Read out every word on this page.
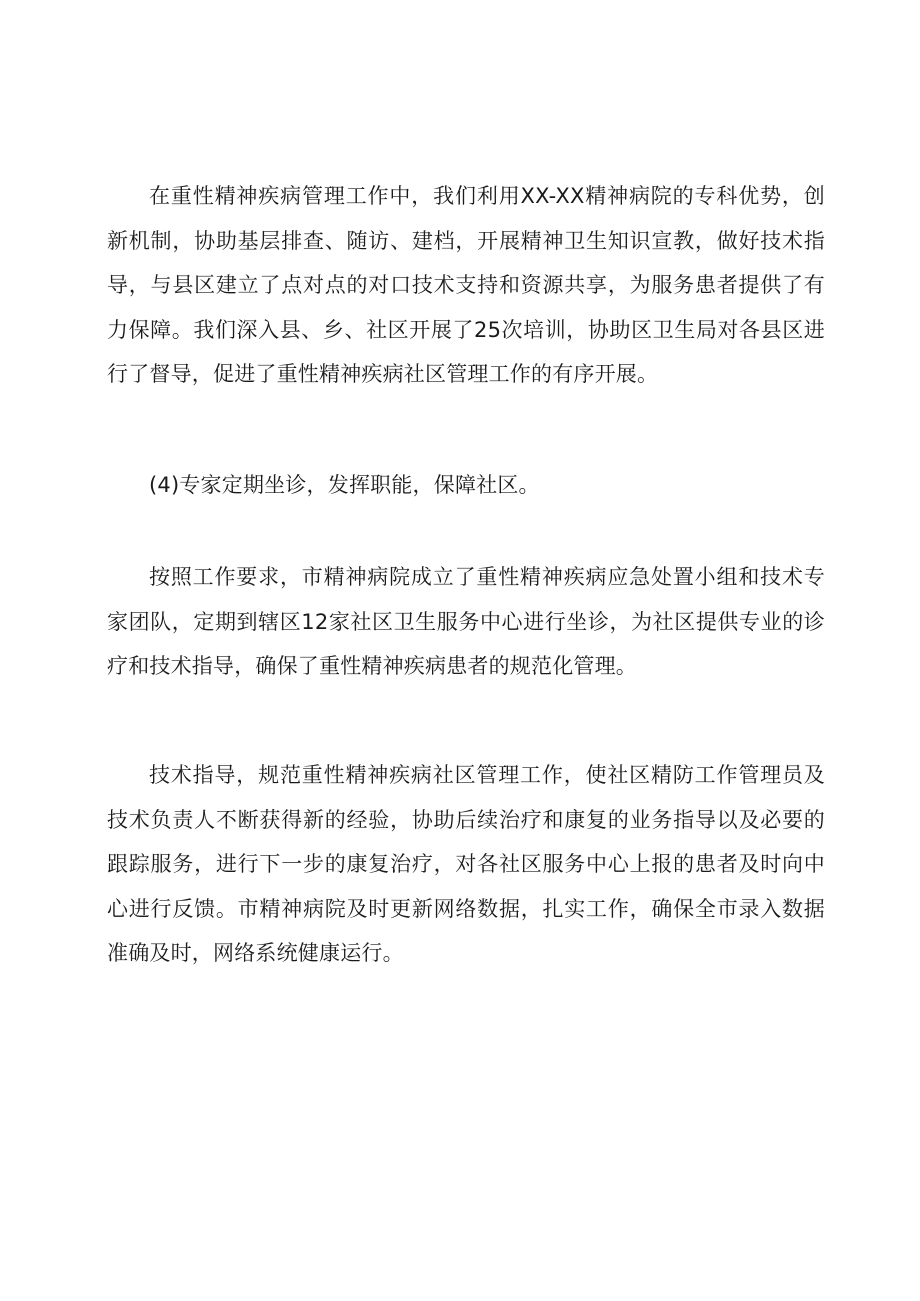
在重性精神疾病管理工作中，我们利用XX-XX精神病院的专科优势，创新机制，协助基层排查、随访、建档，开展精神卫生知识宣教，做好技术指导，与县区建立了点对点的对口技术支持和资源共享，为服务患者提供了有力保障。我们深入县、乡、社区开展了25次培训，协助区卫生局对各县区进行了督导，促进了重性精神疾病社区管理工作的有序开展。

(4)专家定期坐诊，发挥职能，保障社区。

按照工作要求，市精神病院成立了重性精神疾病应急处置小组和技术专家团队，定期到辖区12家社区卫生服务中心进行坐诊，为社区提供专业的诊疗和技术指导，确保了重性精神疾病患者的规范化管理。

技术指导，规范重性精神疾病社区管理工作，使社区精防工作管理员及技术负责人不断获得新的经验，协助后续治疗和康复的业务指导以及必要的跟踪服务，进行下一步的康复治疗，对各社区服务中心上报的患者及时向中心进行反馈。市精神病院及时更新网络数据，扎实工作，确保全市录入数据准确及时，网络系统健康运行。
